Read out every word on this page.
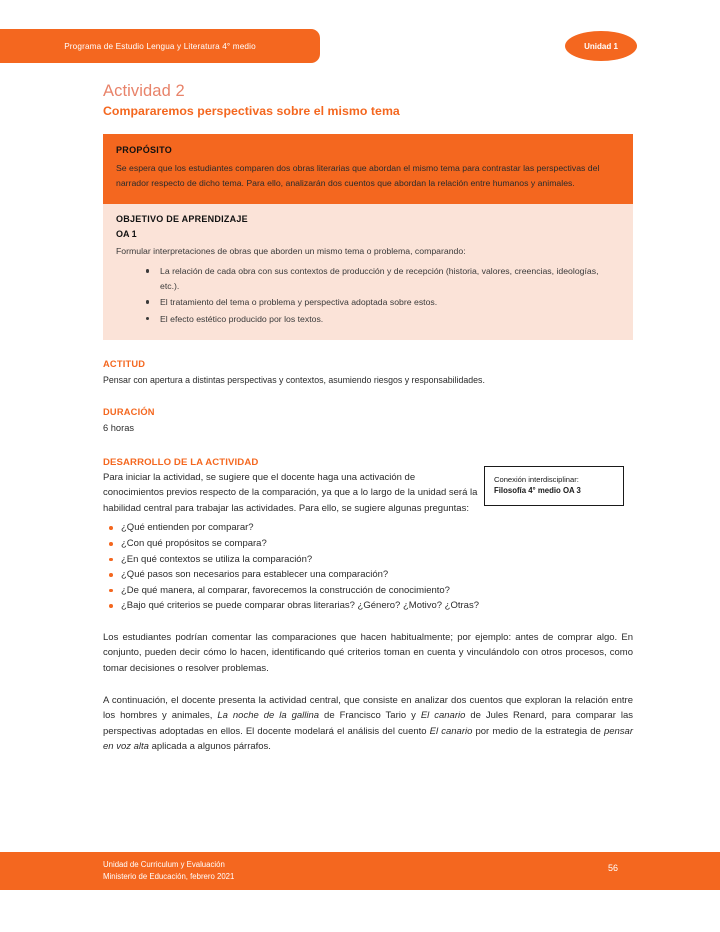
Programa de Estudio Lengua y Literatura 4° medio	Unidad 1
Actividad 2
Compararemos perspectivas sobre el mismo tema
PROPÓSITO
Se espera que los estudiantes comparen dos obras literarias que abordan el mismo tema para contrastar las perspectivas del narrador respecto de dicho tema. Para ello, analizarán dos cuentos que abordan la relación entre humanos y animales.
OBJETIVO DE APRENDIZAJE
OA 1
Formular interpretaciones de obras que aborden un mismo tema o problema, comparando:
La relación de cada obra con sus contextos de producción y de recepción (historia, valores, creencias, ideologías, etc.).
El tratamiento del tema o problema y perspectiva adoptada sobre estos.
El efecto estético producido por los textos.
ACTITUD
Pensar con apertura a distintas perspectivas y contextos, asumiendo riesgos y responsabilidades.
DURACIÓN
6 horas
Conexión interdisciplinar:
Filosofía 4° medio OA 3
DESARROLLO DE LA ACTIVIDAD
Para iniciar la actividad, se sugiere que el docente haga una activación de conocimientos previos respecto de la comparación, ya que a lo largo de la unidad será la habilidad central para trabajar las actividades. Para ello, se sugiere algunas preguntas:
¿Qué entienden por comparar?
¿Con qué propósitos se compara?
¿En qué contextos se utiliza la comparación?
¿Qué pasos son necesarios para establecer una comparación?
¿De qué manera, al comparar, favorecemos la construcción de conocimiento?
¿Bajo qué criterios se puede comparar obras literarias? ¿Género? ¿Motivo? ¿Otras?

Los estudiantes podrían comentar las comparaciones que hacen habitualmente; por ejemplo: antes de comprar algo. En conjunto, pueden decir cómo lo hacen, identificando qué criterios toman en cuenta y vinculándolo con otros procesos, como tomar decisiones o resolver problemas.

A continuación, el docente presenta la actividad central, que consiste en analizar dos cuentos que exploran la relación entre los hombres y animales, La noche de la gallina de Francisco Tario y El canario de Jules Renard, para comparar las perspectivas adoptadas en ellos. El docente modelará el análisis del cuento El canario por medio de la estrategia de pensar en voz alta aplicada a algunos párrafos.

Unidad de Curriculum y Evaluación
Ministerio de Educación, febrero 2021
56
